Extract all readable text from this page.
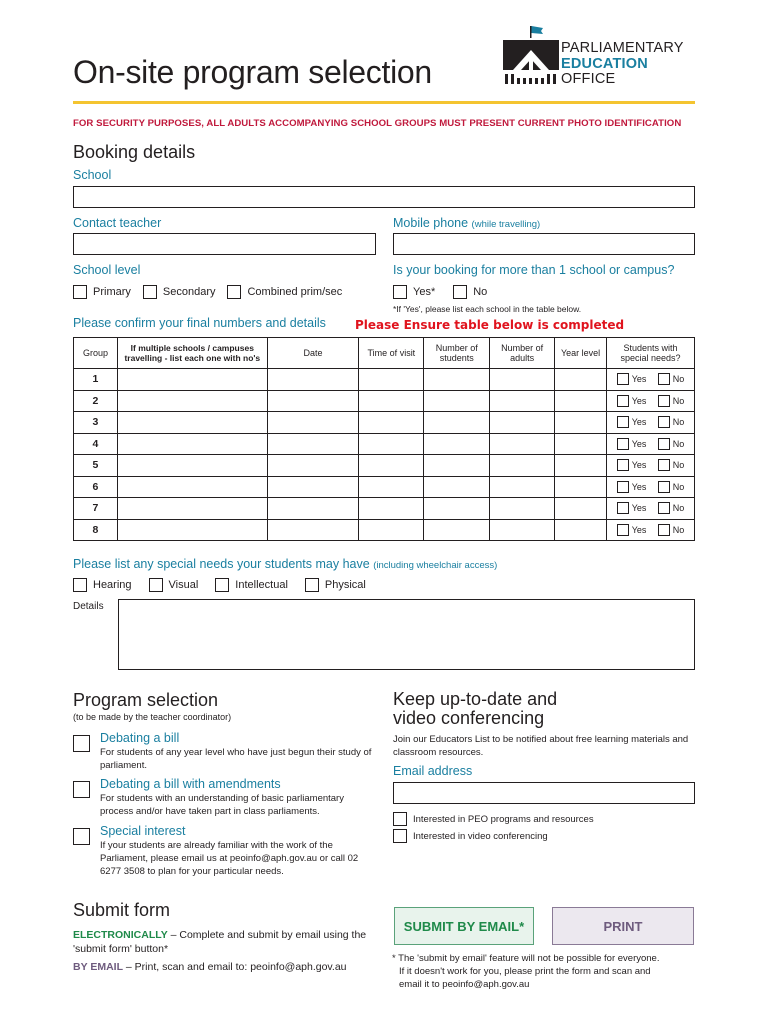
On-site program selection
PARLIAMENTARY
EDUCATION
OFFICE
FOR SECURITY PURPOSES, ALL ADULTS ACCOMPANYING SCHOOL GROUPS MUST PRESENT CURRENT PHOTO IDENTIFICATION
Booking details
School
Contact teacher	Mobile phone (while travelling)
School level
Primary	Secondary	Combined prim/sec
Is your booking for more than 1 school or campus?
Yes*	No
*If 'Yes', please list each school in the table below.
Please confirm your final numbers and details Please Ensure table below is completed
Group	If multiple schools / campuses travelling - list each one with no's	Date	Time of visit	Number of students	Number of adults	Year level	Students with special needs?
1							Yes No

2							Yes No

3							Yes No

4							Yes No

5							Yes No

6							Yes No

7							Yes No

8							Yes No
Please list any special needs your students may have (including wheelchair access)
Hearing	Visual	Intellectual	Physical
Details
Program selection
(to be made by the teacher coordinator)
Debating a bill
For students of any year level who have just begun their study of parliament.
Debating a bill with amendments
For students with an understanding of basic parliamentary process and/or have taken part in class parliaments.
Special interest
If your students are already familiar with the work of the Parliament, please email us at peoinfo@aph.gov.au or call 02 6277 3508 to plan for your particular needs.
Keep up-to-date and
video conferencing
Join our Educators List to be notified about free learning materials and classroom resources.
Email address
Interested in PEO programs and resources
Interested in video conferencing
Submit form
ELECTRONICALLY – Complete and submit by email using the 'submit form' button*
BY EMAIL – Print, scan and email to: peoinfo@aph.gov.au
SUBMIT BY EMAIL*	PRINT
* The 'submit by email' feature will not be possible for everyone.
If it doesn't work for you, please print the form and scan and
email it to peoinfo@aph.gov.au
